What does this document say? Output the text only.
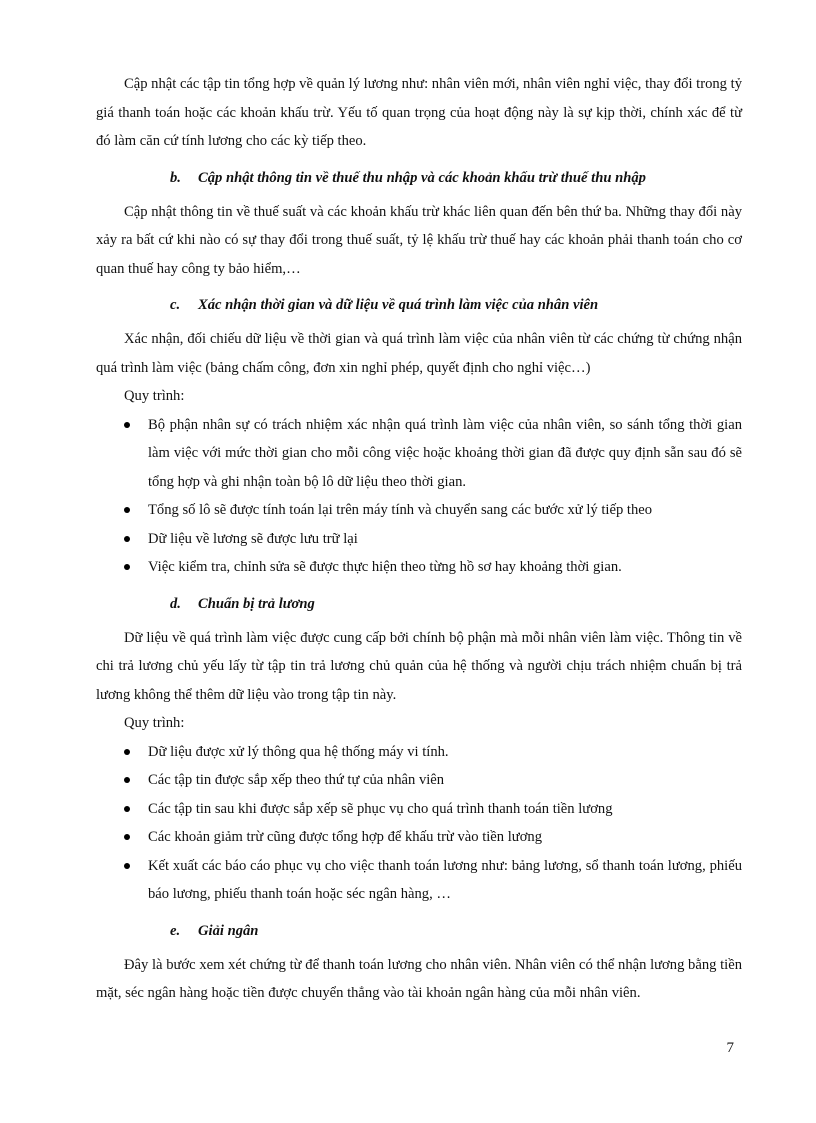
Cập nhật các tập tin tổng hợp về quản lý lương như: nhân viên mới, nhân viên nghỉ việc, thay đổi trong tỷ giá thanh toán hoặc các khoản khấu trừ. Yếu tố quan trọng của hoạt động này là sự kịp thời, chính xác để từ đó làm căn cứ tính lương cho các kỳ tiếp theo.

b. Cập nhật thông tin về thuế thu nhập và các khoản khấu trừ thuế thu nhập

Cập nhật thông tin về thuế suất và các khoản khấu trừ khác liên quan đến bên thứ ba. Những thay đổi này xảy ra bất cứ khi nào có sự thay đổi trong thuế suất, tỷ lệ khấu trừ thuế hay các khoản phải thanh toán cho cơ quan thuế hay công ty bảo hiểm,…

c. Xác nhận thời gian và dữ liệu về quá trình làm việc của nhân viên

Xác nhận, đối chiếu dữ liệu về thời gian và quá trình làm việc của nhân viên từ các chứng từ chứng nhận quá trình làm việc (bảng chấm công, đơn xin nghỉ phép, quyết định cho nghỉ việc…)

Quy trình:

Bộ phận nhân sự có trách nhiệm xác nhận quá trình làm việc của nhân viên, so sánh tổng thời gian làm việc với mức thời gian cho mỗi công việc hoặc khoảng thời gian đã được quy định sẵn sau đó sẽ tổng hợp và ghi nhận toàn bộ lô dữ liệu theo thời gian.
Tổng số lô sẽ được tính toán lại trên máy tính và chuyển sang các bước xử lý tiếp theo
Dữ liệu về lương sẽ được lưu trữ lại
Việc kiểm tra, chỉnh sửa sẽ được thực hiện theo từng hồ sơ hay khoảng thời gian.
d. Chuẩn bị trả lương

Dữ liệu về quá trình làm việc được cung cấp bởi chính bộ phận mà mỗi nhân viên làm việc. Thông tin về chi trả lương chủ yếu lấy từ tập tin trả lương chủ quản của hệ thống và người chịu trách nhiệm chuẩn bị trả lương không thể thêm dữ liệu vào trong tập tin này.

Quy trình:

Dữ liệu được xử lý thông qua hệ thống máy vi tính.
Các tập tin được sắp xếp theo thứ tự của nhân viên
Các tập tin sau khi được sắp xếp sẽ phục vụ cho quá trình thanh toán tiền lương
Các khoản giảm trừ cũng được tổng hợp để khấu trừ vào tiền lương
Kết xuất các báo cáo phục vụ cho việc thanh toán lương như: bảng lương, sổ thanh toán lương, phiếu báo lương, phiếu thanh toán hoặc séc ngân hàng, …
e. Giải ngân

Đây là bước xem xét chứng từ để thanh toán lương cho nhân viên. Nhân viên có thể nhận lương bằng tiền mặt, séc ngân hàng hoặc tiền được chuyển thẳng vào tài khoản ngân hàng của mỗi nhân viên.

7
